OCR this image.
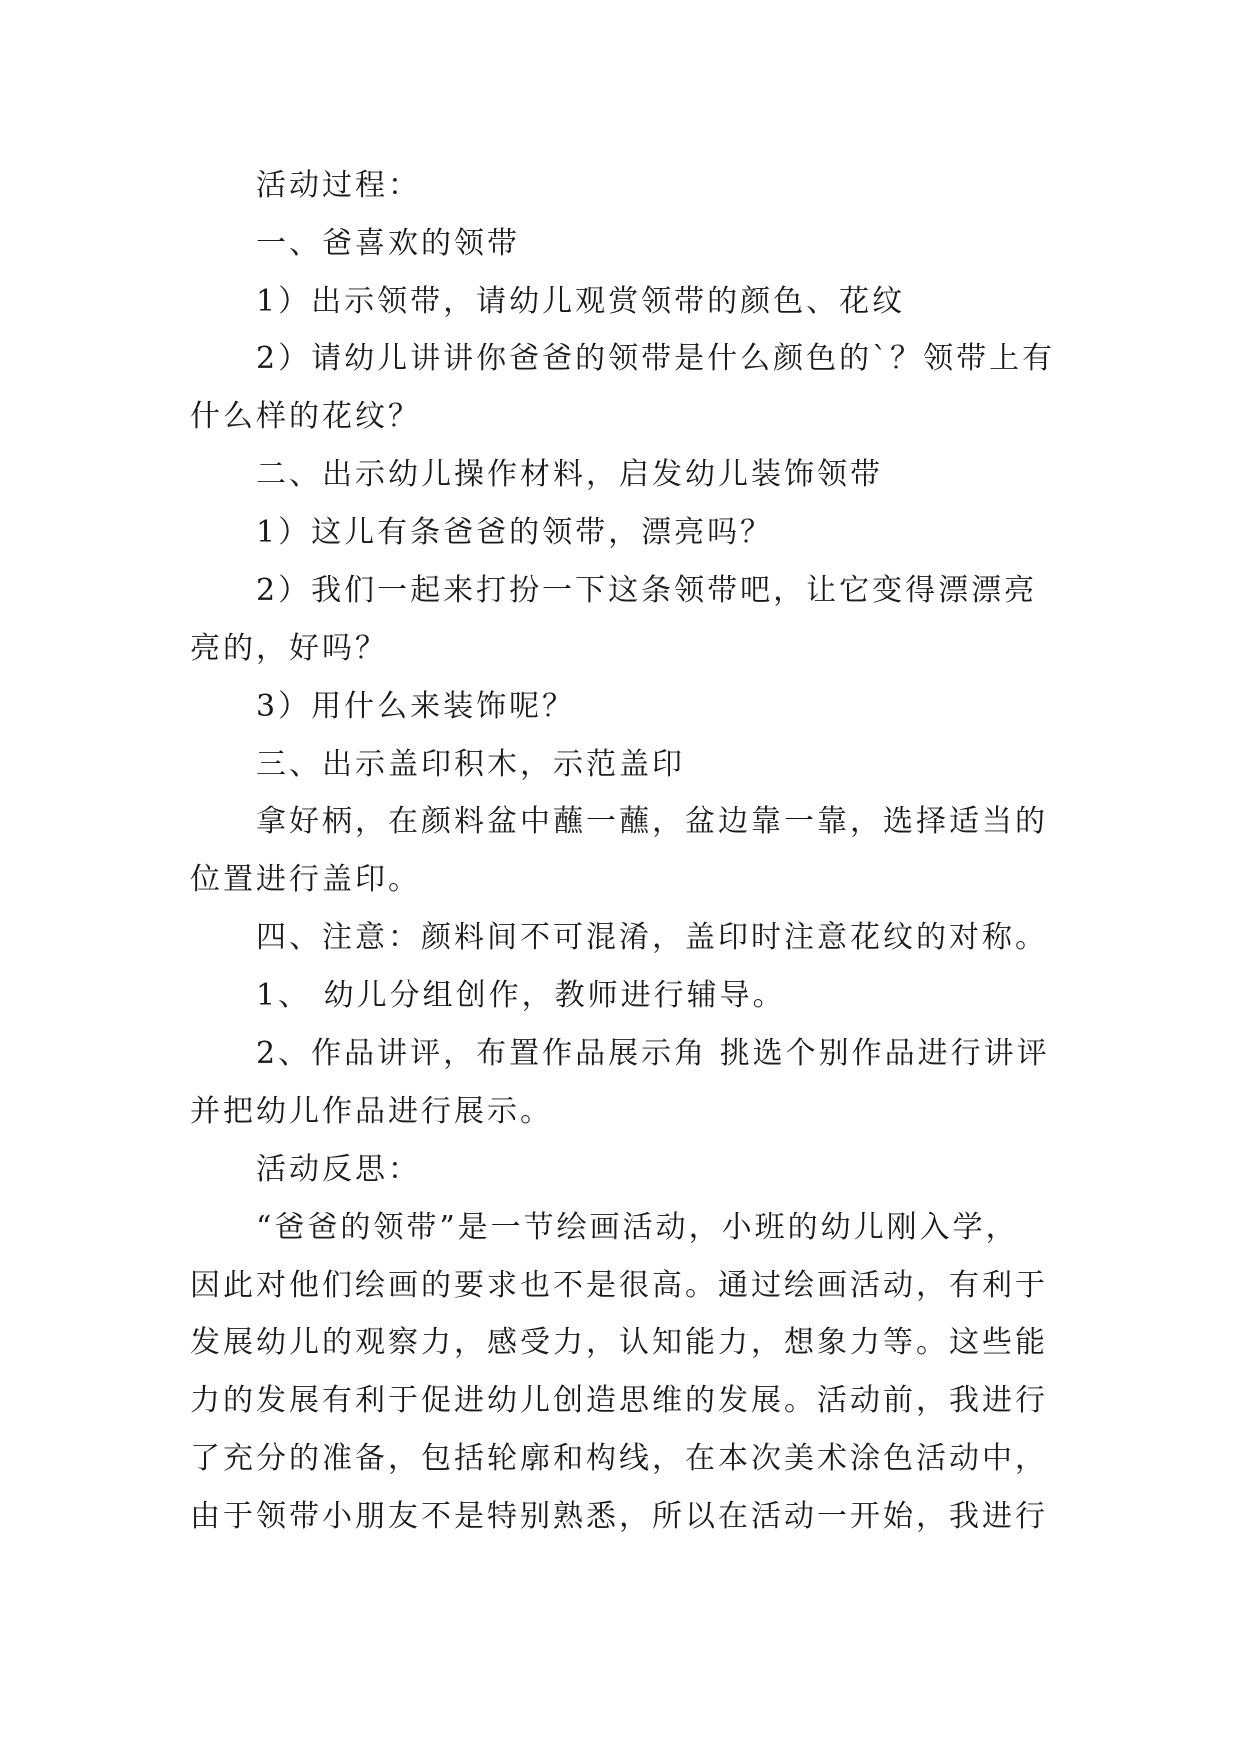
活动过程：
一、爸喜欢的领带
1）出示领带，请幼儿观赏领带的颜色、花纹
2）请幼儿讲讲你爸爸的领带是什么颜色的`？领带上有
什么样的花纹？
二、出示幼儿操作材料，启发幼儿装饰领带
1）这儿有条爸爸的领带，漂亮吗？
2）我们一起来打扮一下这条领带吧，让它变得漂漂亮
亮的，好吗？
3）用什么来装饰呢？
三、出示盖印积木，示范盖印
拿好柄，在颜料盆中蘸一蘸，盆边靠一靠，选择适当的
位置进行盖印。
四、注意：颜料间不可混淆，盖印时注意花纹的对称。
1、 幼儿分组创作，教师进行辅导。
2、作品讲评，布置作品展示角 挑选个别作品进行讲评
并把幼儿作品进行展示。
活动反思：
“爸爸的领带”是一节绘画活动，小班的幼儿刚入学，
因此对他们绘画的要求也不是很高。通过绘画活动，有利于
发展幼儿的观察力，感受力，认知能力，想象力等。这些能
力的发展有利于促进幼儿创造思维的发展。活动前，我进行
了充分的准备，包括轮廓和构线，在本次美术涂色活动中，
由于领带小朋友不是特别熟悉，所以在活动一开始，我进行
